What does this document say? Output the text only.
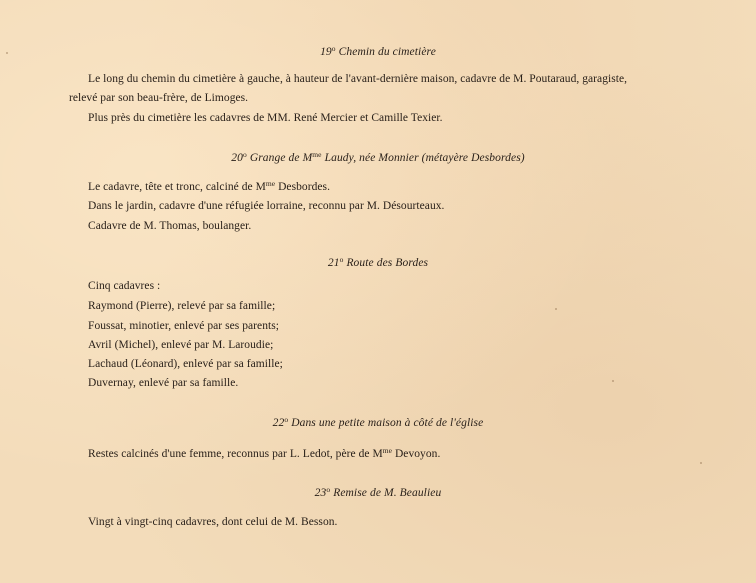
19$^o$ Chemin du cimetière
Le long du chemin du cimetière à gauche, à hauteur de l'avant-dernière maison, cadavre de M. Poutaraud, garagiste,
relevé par son beau-frère, de Limoges.
Plus près du cimetière les cadavres de MM. René Mercier et Camille Texier.
20$^o$ Grange de $M^{me}$ Laudy, née Monnier (métayère Desbordes)
Le cadavre, tête et tronc, calciné de $M^{me}$ Desbordes.
Dans le jardin, cadavre d'une réfugiée lorraine, reconnu par M. Désourteaux.
Cadavre de M. Thomas, boulanger.
21$^o$ Route des Bordes
Cinq cadavres :
Raymond (Pierre), relevé par sa famille;
Foussat, minotier, enlevé par ses parents;
Avril (Michel), enlevé par M. Laroudie;
Lachaud (Léonard), enlevé par sa famille;
Duvernay, enlevé par sa famille.
22$^o$ Dans une petite maison à côté de l'église
Restes calcinés d'une femme, reconnus par L. Ledot, père de $M^{me}$ Devoyon.
23$^o$ Remise de M. Beaulieu
Vingt à vingt-cinq cadavres, dont celui de M. Besson.
